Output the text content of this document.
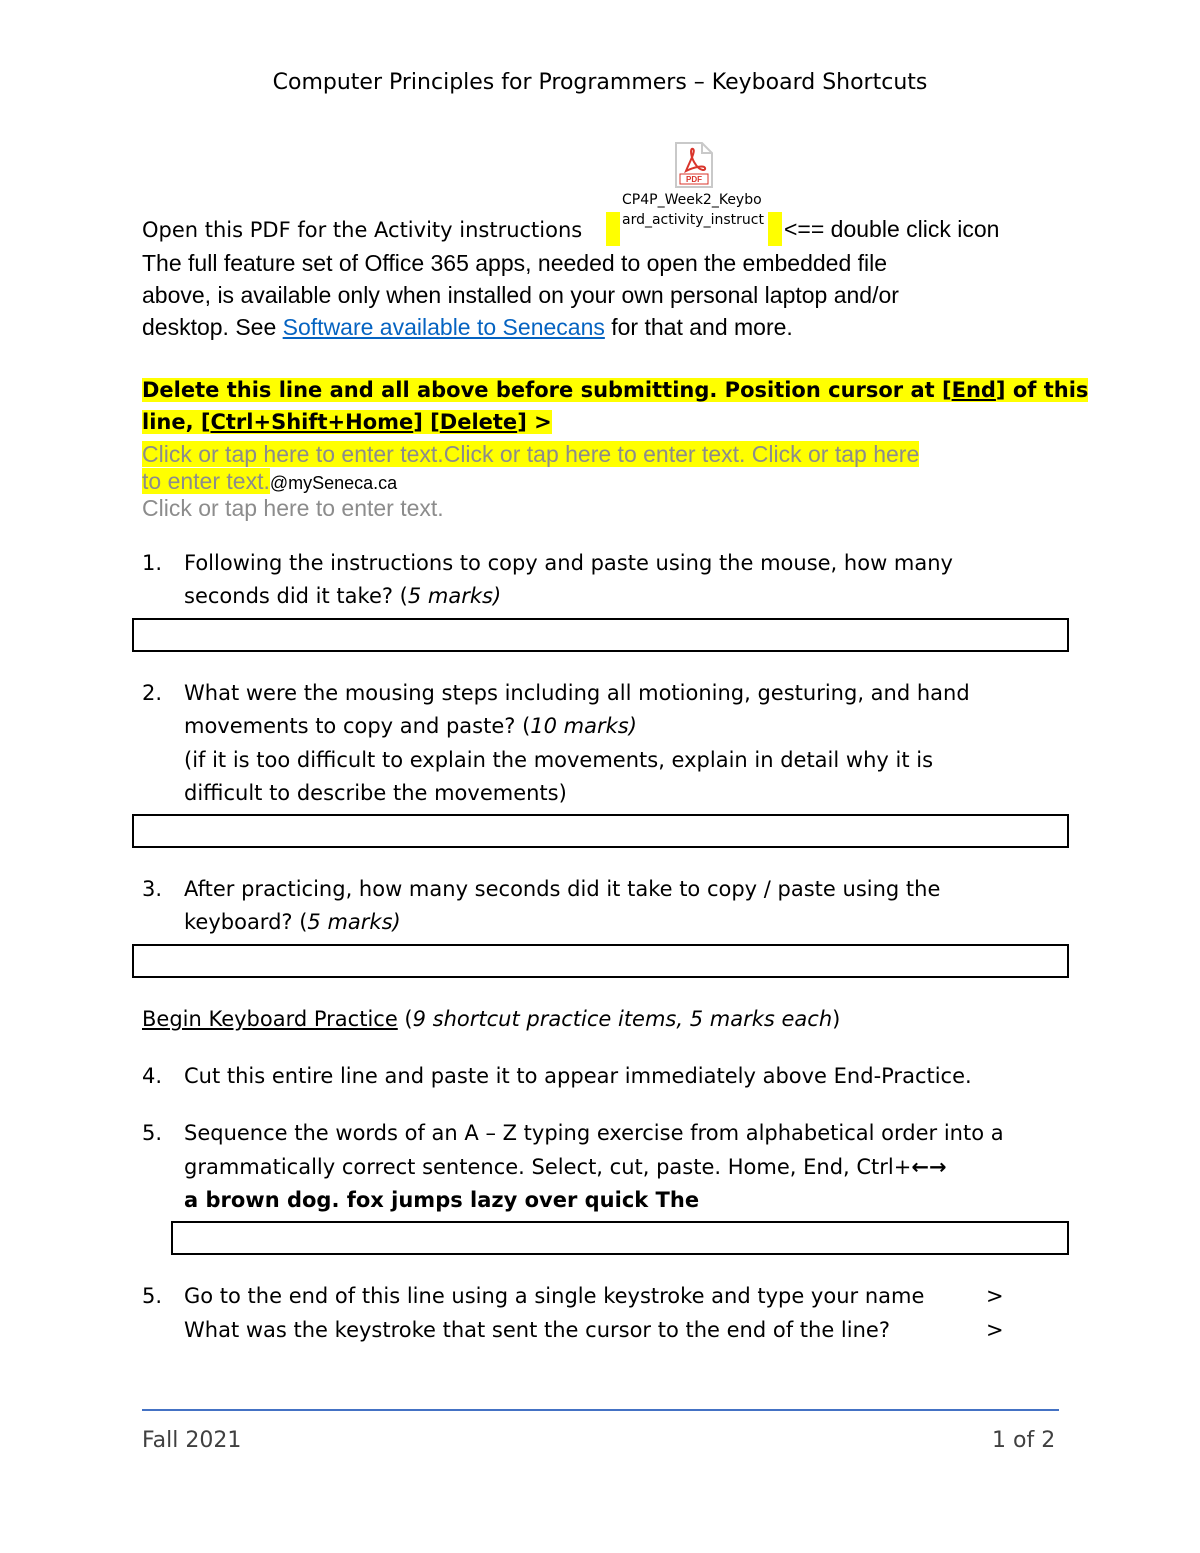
Computer Principles for Programmers – Keyboard Shortcuts
PDF
CP4P_Week2_Keybo
ard_activity_instruct
Open this PDF for the Activity instructions	<== double click icon
The full feature set of Office 365 apps, needed to open the embedded file
above, is available only when installed on your own personal laptop and/or
desktop. See Software available to Senecans for that and more.
Delete this line and all above before submitting. Position cursor at [End] of this
line, [Ctrl+Shift+Home] [Delete] >
Click or tap here to enter text.Click or tap here to enter text. Click or tap here
to enter text.@mySeneca.ca
Click or tap here to enter text.
1. Following the instructions to copy and paste using the mouse, how many
seconds did it take? (5 marks)
2. What were the mousing steps including all motioning, gesturing, and hand
movements to copy and paste? (10 marks)
(if it is too difficult to explain the movements, explain in detail why it is
difficult to describe the movements)
3. After practicing, how many seconds did it take to copy / paste using the
keyboard? (5 marks)
Begin Keyboard Practice (9 shortcut practice items, 5 marks each)
4. Cut this entire line and paste it to appear immediately above End-Practice.
5. Sequence the words of an A – Z typing exercise from alphabetical order into a
grammatically correct sentence. Select, cut, paste. Home, End, Ctrl+←→
a brown dog. fox jumps lazy over quick The
5. Go to the end of this line using a single keystroke and type your name	>
What was the keystroke that sent the cursor to the end of the line?	>
Fall 2021	1 of 2
